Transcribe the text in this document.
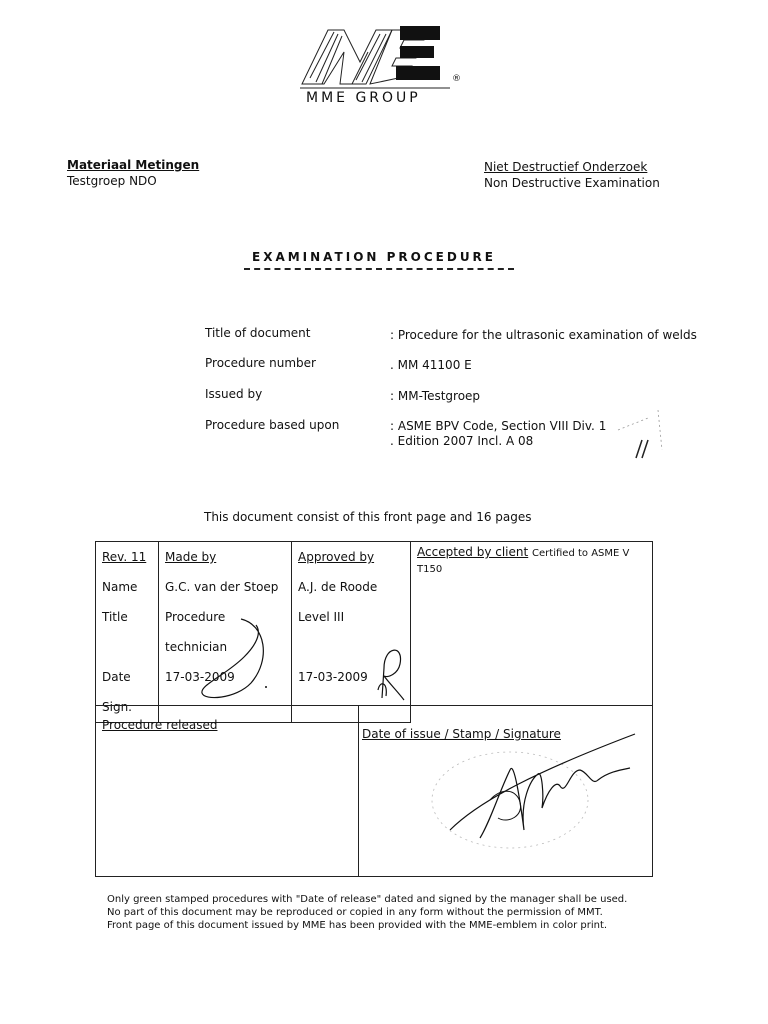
®
MME GROUP
Materiaal Metingen
Testgroep NDO
Niet Destructief Onderzoek
Non Destructive Examination
EXAMINATION PROCEDURE
Title of document	: Procedure for the ultrasonic examination of welds
Procedure number	. MM 41100 E
Issued by	: MM-Testgroep
Procedure based upon	: ASME BPV Code, Section VIII Div. 1
. Edition 2007 Incl. A 08
This document consist of this front page and 16 pages
Rev. 11	Made by	Approved by	Accepted by client Certified to ASME V
T150
Name	G.C. van der Stoep	A.J. de Roode	
Title	Procedure technician	Level III	
Date	17-03-2009	17-03-2009	
Sign.			
Procedure released
Date of issue / Stamp / Signature
Only green stamped procedures with "Date of release" dated and signed by the manager shall be used.
No part of this document may be reproduced or copied in any form without the permission of MMT.
Front page of this document issued by MME has been provided with the MME-emblem in color print.
